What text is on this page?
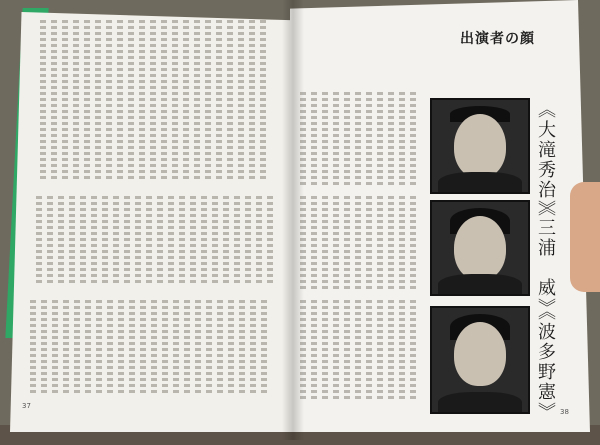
出演者の顔
《大滝秀治》
《三浦　威》
《波多野憲》
37
38
